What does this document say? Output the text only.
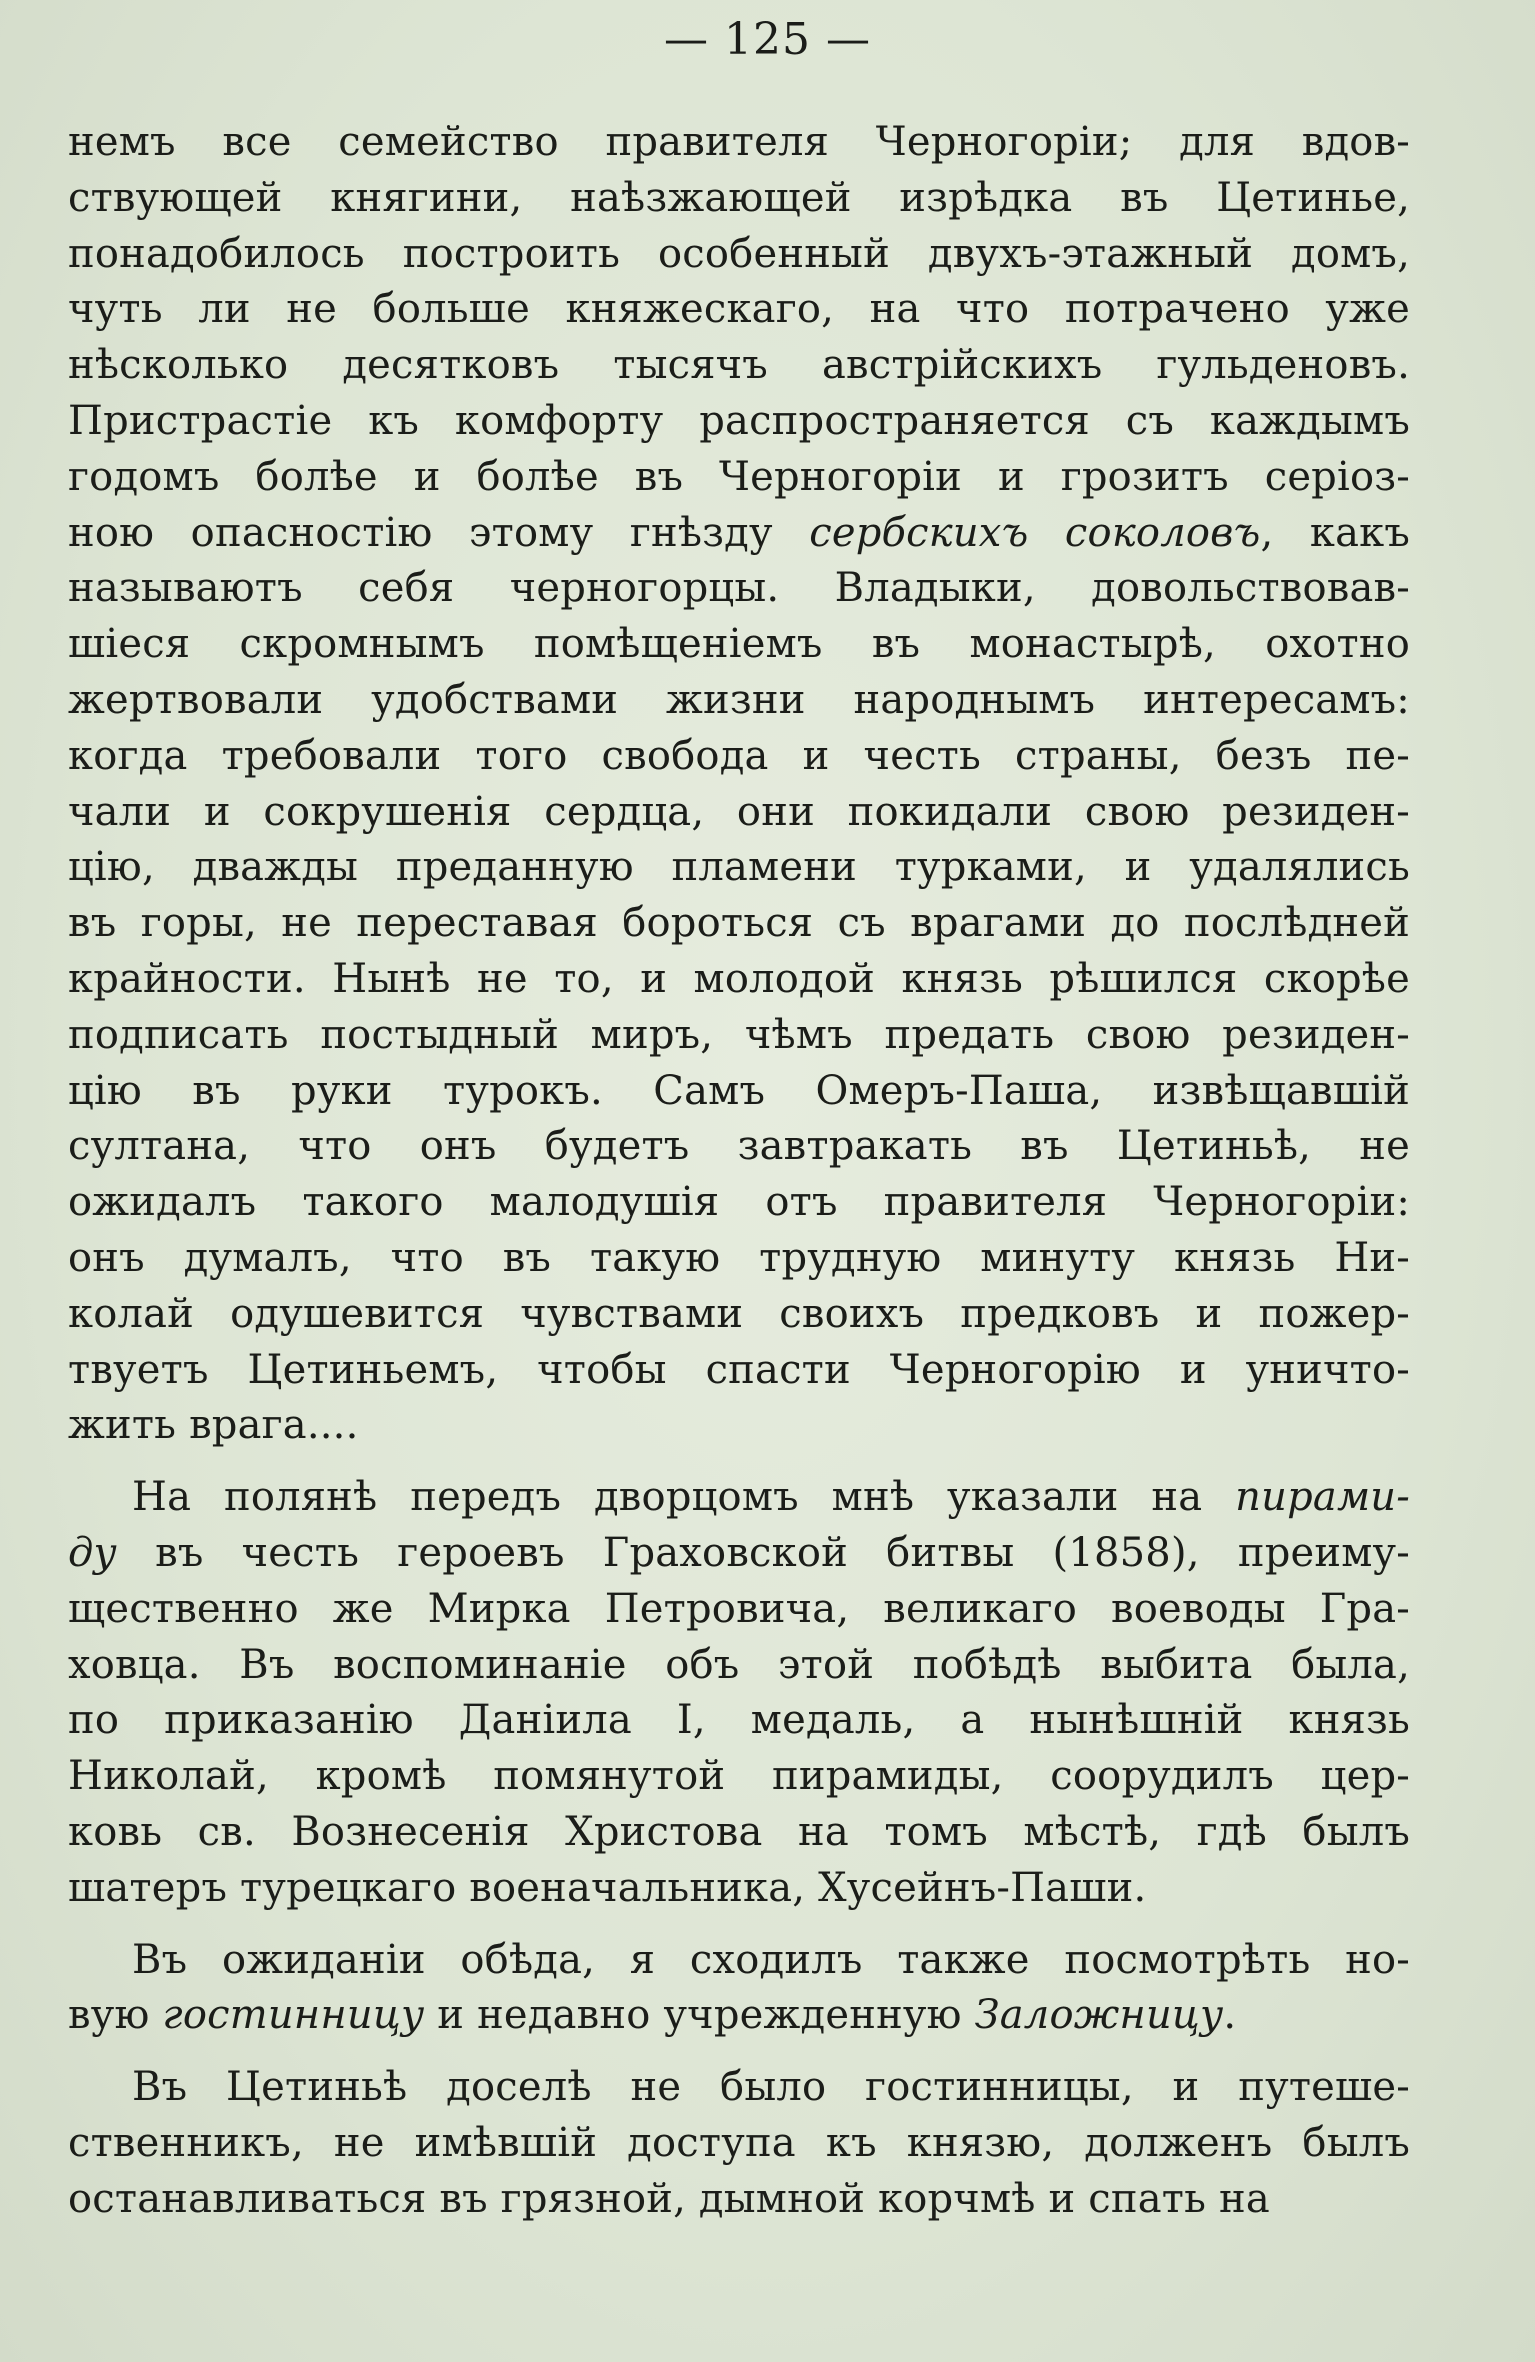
— 125 —
немъ все семейство правителя Черногоріи; для вдов-
ствующей княгини, наѣзжающей изрѣдка въ Цетинье,
понадобилось построить особенный двухъ-этажный домъ,
чуть ли не больше княжескаго, на что потрачено уже
нѣсколько десятковъ тысячъ австрійскихъ гульденовъ.
Пристрастіе къ комфорту распространяется съ каждымъ
годомъ болѣе и болѣе въ Черногоріи и грозитъ серіоз-
ною опасностію этому гнѣзду сербскихъ соколовъ, какъ
называютъ себя черногорцы. Владыки, довольствовав-
шіеся скромнымъ помѣщеніемъ въ монастырѣ, охотно
жертвовали удобствами жизни народнымъ интересамъ:
когда требовали того свобода и честь страны, безъ пе-
чали и сокрушенія сердца, они покидали свою резиден-
цію, дважды преданную пламени турками, и удалялись
въ горы, не переставая бороться съ врагами до послѣдней
крайности. Нынѣ не то, и молодой князь рѣшился скорѣе
подписать постыдный миръ, чѣмъ предать свою резиден-
цію въ руки турокъ. Самъ Омеръ-Паша, извѣщавшій
султана, что онъ будетъ завтракать въ Цетиньѣ, не
ожидалъ такого малодушія отъ правителя Черногоріи:
онъ думалъ, что въ такую трудную минуту князь Ни-
колай одушевится чувствами своихъ предковъ и пожер-
твуетъ Цетиньемъ, чтобы спасти Черногорію и уничто-
жить врага....
На полянѣ передъ дворцомъ мнѣ указали на пирами-
ду въ честь героевъ Граховской битвы (1858), преиму-
щественно же Мирка Петровича, великаго воеводы Гра-
ховца. Въ воспоминаніе объ этой побѣдѣ выбита была,
по приказанію Даніила I, медаль, а нынѣшній князь
Николай, кромѣ помянутой пирамиды, соорудилъ цер-
ковь св. Вознесенія Христова на томъ мѣстѣ, гдѣ былъ
шатеръ турецкаго военачальника, Хусейнъ-Паши.
Въ ожиданіи обѣда, я сходилъ также посмотрѣть но-
вую гостинницу и недавно учрежденную Заложницу.
Въ Цетиньѣ доселѣ не было гостинницы, и путеше-
ственникъ, не имѣвшій доступа къ князю, долженъ былъ
останавливаться въ грязной, дымной корчмѣ и спать на
